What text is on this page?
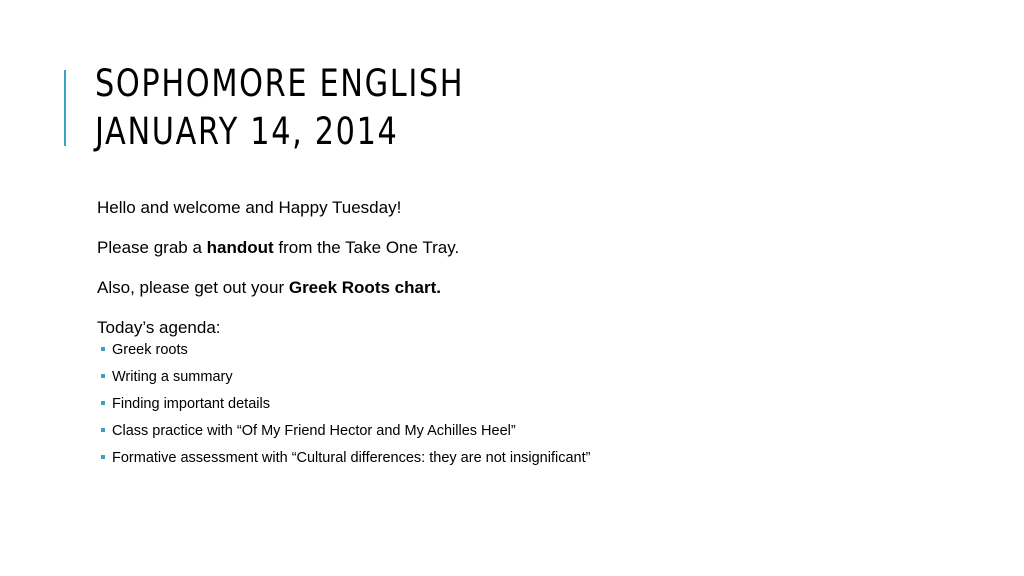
SOPHOMORE ENGLISH
JANUARY 14, 2014

Hello and welcome and Happy Tuesday!

Please grab a handout from the Take One Tray.

Also, please get out your Greek Roots chart.

Today’s agenda:

Greek roots
Writing a summary
Finding important details
Class practice with “Of My Friend Hector and My Achilles Heel”
Formative assessment with “Cultural differences: they are not insignificant”
